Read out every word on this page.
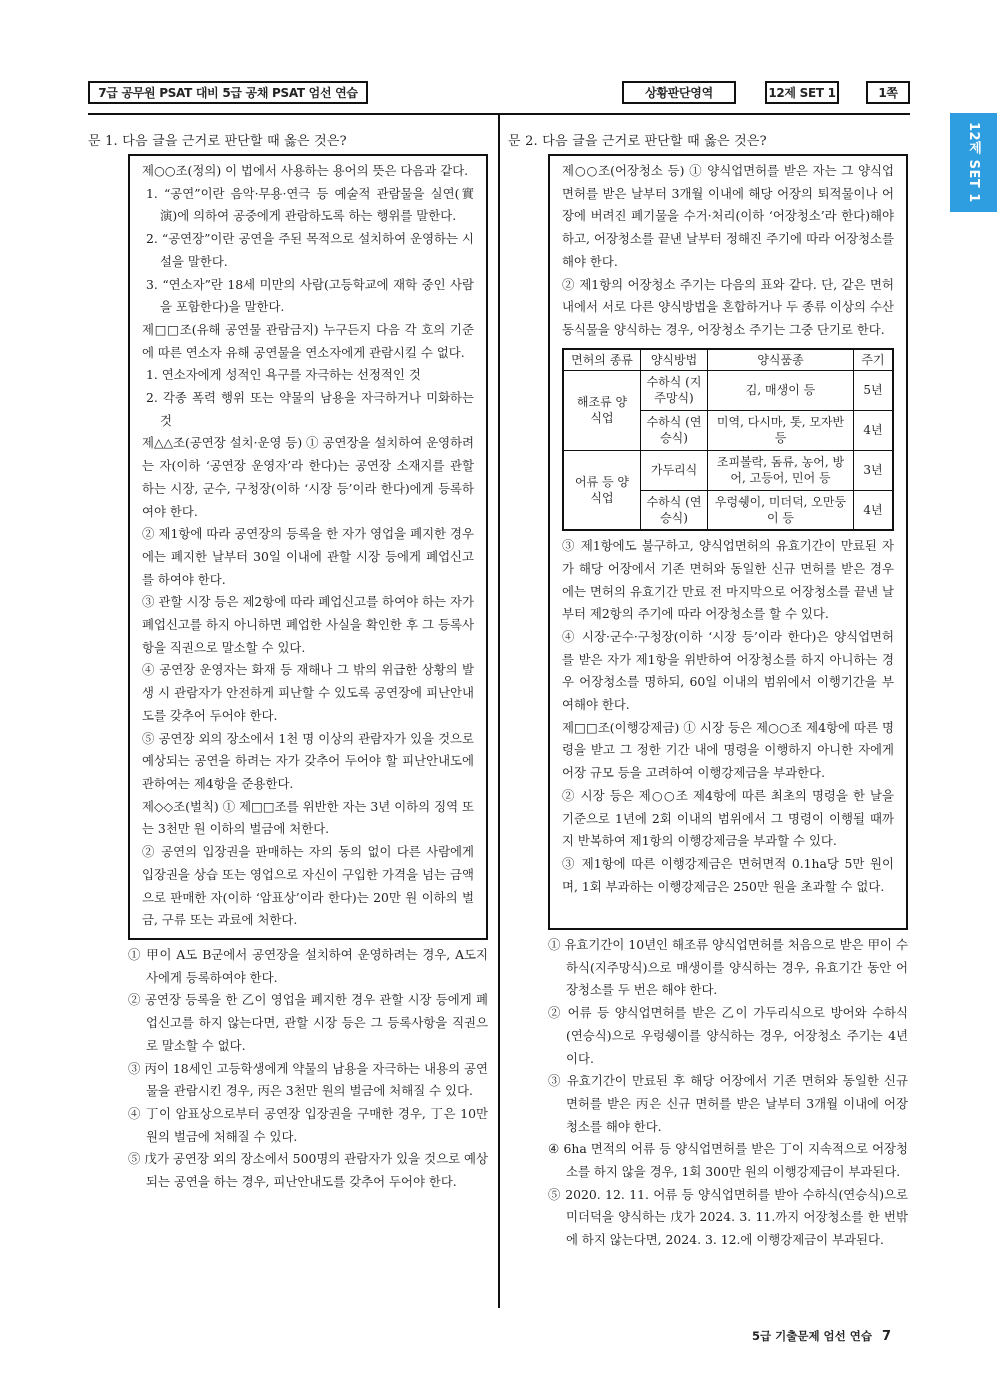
7급 공무원 PSAT 대비 5급 공채 PSAT 엄선 연습	상황판단영역	12제 SET 1	1쪽
12제 SET 1
문 1. 다음 글을 근거로 판단할 때 옳은 것은?

제○○조(정의) 이 법에서 사용하는 용어의 뜻은 다음과 같다.

1. “공연”이란 음악·무용·연극 등 예술적 관람물을 실연(實演)에 의하여 공중에게 관람하도록 하는 행위를 말한다.

2. “공연장”이란 공연을 주된 목적으로 설치하여 운영하는 시설을 말한다.

3. “연소자”란 18세 미만의 사람(고등학교에 재학 중인 사람을 포함한다)을 말한다.

제□□조(유해 공연물 관람금지) 누구든지 다음 각 호의 기준에 따른 연소자 유해 공연물을 연소자에게 관람시킬 수 없다.

1. 연소자에게 성적인 욕구를 자극하는 선정적인 것

2. 각종 폭력 행위 또는 약물의 남용을 자극하거나 미화하는 것

제△△조(공연장 설치·운영 등) ① 공연장을 설치하여 운영하려는 자(이하 ‘공연장 운영자’라 한다)는 공연장 소재지를 관할하는 시장, 군수, 구청장(이하 ‘시장 등’이라 한다)에게 등록하여야 한다.

② 제1항에 따라 공연장의 등록을 한 자가 영업을 폐지한 경우에는 폐지한 날부터 30일 이내에 관할 시장 등에게 폐업신고를 하여야 한다.

③ 관할 시장 등은 제2항에 따라 폐업신고를 하여야 하는 자가 폐업신고를 하지 아니하면 폐업한 사실을 확인한 후 그 등록사항을 직권으로 말소할 수 있다.

④ 공연장 운영자는 화재 등 재해나 그 밖의 위급한 상황의 발생 시 관람자가 안전하게 피난할 수 있도록 공연장에 피난안내도를 갖추어 두어야 한다.

⑤ 공연장 외의 장소에서 1천 명 이상의 관람자가 있을 것으로 예상되는 공연을 하려는 자가 갖추어 두어야 할 피난안내도에 관하여는 제4항을 준용한다.

제◇◇조(벌칙) ① 제□□조를 위반한 자는 3년 이하의 징역 또는 3천만 원 이하의 벌금에 처한다.

② 공연의 입장권을 판매하는 자의 동의 없이 다른 사람에게 입장권을 상습 또는 영업으로 자신이 구입한 가격을 넘는 금액으로 판매한 자(이하 ‘암표상’이라 한다)는 20만 원 이하의 벌금, 구류 또는 과료에 처한다.

① 甲이 A도 B군에서 공연장을 설치하여 운영하려는 경우, A도지사에게 등록하여야 한다.

② 공연장 등록을 한 乙이 영업을 폐지한 경우 관할 시장 등에게 폐업신고를 하지 않는다면, 관할 시장 등은 그 등록사항을 직권으로 말소할 수 없다.

③ 丙이 18세인 고등학생에게 약물의 남용을 자극하는 내용의 공연물을 관람시킨 경우, 丙은 3천만 원의 벌금에 처해질 수 있다.

④ 丁이 암표상으로부터 공연장 입장권을 구매한 경우, 丁은 10만 원의 벌금에 처해질 수 있다.

⑤ 戊가 공연장 외의 장소에서 500명의 관람자가 있을 것으로 예상되는 공연을 하는 경우, 피난안내도를 갖추어 두어야 한다.

문 2. 다음 글을 근거로 판단할 때 옳은 것은?

제○○조(어장청소 등) ① 양식업면허를 받은 자는 그 양식업면허를 받은 날부터 3개월 이내에 해당 어장의 퇴적물이나 어장에 버려진 폐기물을 수거·처리(이하 ‘어장청소’라 한다)해야 하고, 어장청소를 끝낸 날부터 정해진 주기에 따라 어장청소를 해야 한다.

② 제1항의 어장청소 주기는 다음의 표와 같다. 단, 같은 면허 내에서 서로 다른 양식방법을 혼합하거나 두 종류 이상의 수산동식물을 양식하는 경우, 어장청소 주기는 그중 단기로 한다.

면허의 종류	양식방법	양식품종	주기
해조류 양식업	수하식 (지주망식)	김, 매생이 등	5년
	수하식 (연승식)	미역, 다시마, 톳, 모자반 등	4년
어류 등 양식업	가두리식	조피볼락, 돔류, 농어, 방어, 고등어, 민어 등	3년
	수하식 (연승식)	우렁쉥이, 미더덕, 오만둥이 등	4년

③ 제1항에도 불구하고, 양식업면허의 유효기간이 만료된 자가 해당 어장에서 기존 면허와 동일한 신규 면허를 받은 경우에는 면허의 유효기간 만료 전 마지막으로 어장청소를 끝낸 날부터 제2항의 주기에 따라 어장청소를 할 수 있다.

④ 시장·군수·구청장(이하 ‘시장 등’이라 한다)은 양식업면허를 받은 자가 제1항을 위반하여 어장청소를 하지 아니하는 경우 어장청소를 명하되, 60일 이내의 범위에서 이행기간을 부여해야 한다.

제□□조(이행강제금) ① 시장 등은 제○○조 제4항에 따른 명령을 받고 그 정한 기간 내에 명령을 이행하지 아니한 자에게 어장 규모 등을 고려하여 이행강제금을 부과한다.

② 시장 등은 제○○조 제4항에 따른 최초의 명령을 한 날을 기준으로 1년에 2회 이내의 범위에서 그 명령이 이행될 때까지 반복하여 제1항의 이행강제금을 부과할 수 있다.

③ 제1항에 따른 이행강제금은 면허면적 0.1ha당 5만 원이며, 1회 부과하는 이행강제금은 250만 원을 초과할 수 없다.

① 유효기간이 10년인 해조류 양식업면허를 처음으로 받은 甲이 수하식(지주망식)으로 매생이를 양식하는 경우, 유효기간 동안 어장청소를 두 번은 해야 한다.

② 어류 등 양식업면허를 받은 乙이 가두리식으로 방어와 수하식(연승식)으로 우렁쉥이를 양식하는 경우, 어장청소 주기는 4년이다.

③ 유효기간이 만료된 후 해당 어장에서 기존 면허와 동일한 신규 면허를 받은 丙은 신규 면허를 받은 날부터 3개월 이내에 어장청소를 해야 한다.

④ 6ha 면적의 어류 등 양식업면허를 받은 丁이 지속적으로 어장청소를 하지 않을 경우, 1회 300만 원의 이행강제금이 부과된다.

⑤ 2020. 12. 11. 어류 등 양식업면허를 받아 수하식(연승식)으로 미더덕을 양식하는 戊가 2024. 3. 11.까지 어장청소를 한 번밖에 하지 않는다면, 2024. 3. 12.에 이행강제금이 부과된다.

5급 기출문제 엄선 연습 7
